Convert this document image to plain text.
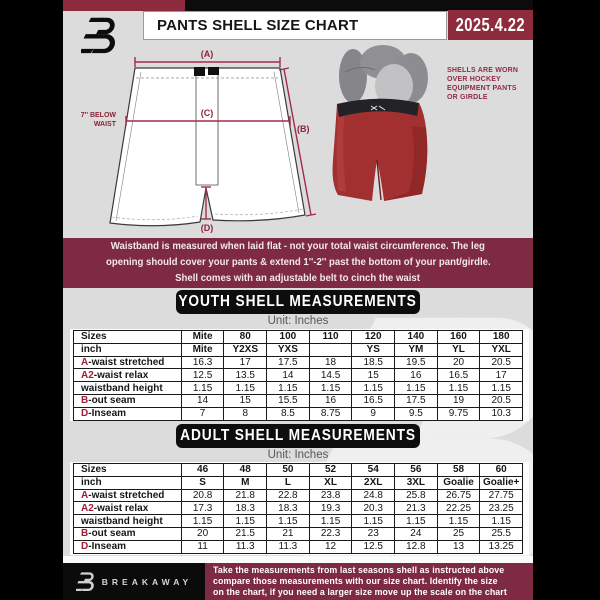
PANTS SHELL SIZE CHART	2025.4.22
(A)
(C)
(B)
(D)
7'' BELOW
WAIST
SHELLS ARE WORN
OVER HOCKEY
EQUIPMENT PANTS
OR GIRDLE
Waistband is measured when laid flat - not your total waist circumference. The leg
opening should cover your pants & extend 1''-2'' past the bottom of your pant/girdle.
Shell comes with an adjustable belt to cinch the waist
YOUTH SHELL MEASUREMENTS
Unit: Inches
Sizes	Mite	80	100	110	120	140	160	180
inch	Mite	Y2XS	YXS		YS	YM	YL	YXL
A-waist stretched	16.3	17	17.5	18	18.5	19.5	20	20.5
A2-waist relax	12.5	13.5	14	14.5	15	16	16.5	17
waistband height	1.15	1.15	1.15	1.15	1.15	1.15	1.15	1.15
B-out seam	14	15	15.5	16	16.5	17.5	19	20.5
D-Inseam	7	8	8.5	8.75	9	9.5	9.75	10.3
ADULT SHELL MEASUREMENTS
Unit: Inches
Sizes	46	48	50	52	54	56	58	60
inch	S	M	L	XL	2XL	3XL	Goalie	Goalie+
A-waist stretched	20.8	21.8	22.8	23.8	24.8	25.8	26.75	27.75
A2-waist relax	17.3	18.3	18.3	19.3	20.3	21.3	22.25	23.25
waistband height	1.15	1.15	1.15	1.15	1.15	1.15	1.15	1.15
B-out seam	20	21.5	21	22.3	23	24	25	25.5
D-Inseam	11	11.3	11.3	12	12.5	12.8	13	13.25
BREAKAWAY
Take the measurements from last seasons shell as instructed above
compare those measurements with our size chart. Identify the size
on the chart, if you need a larger size move up the scale on the chart
